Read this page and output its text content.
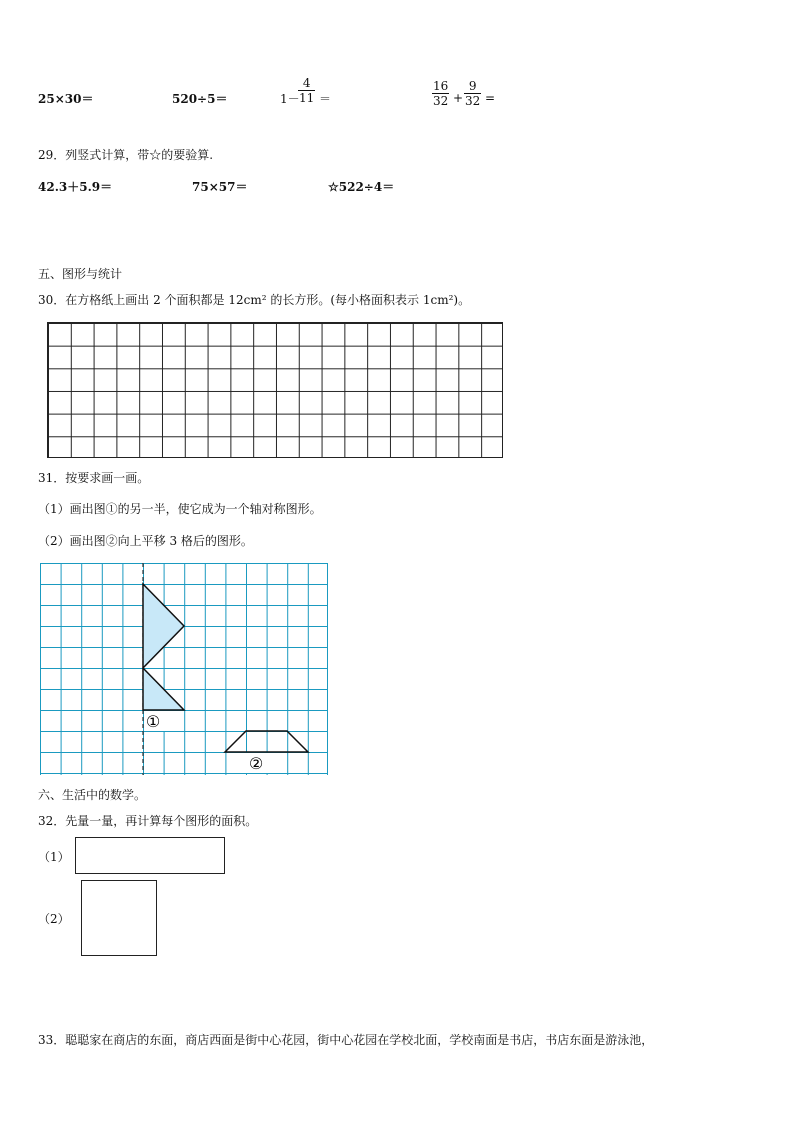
25×30＝	520÷5＝	1－
$\frac{4}{11}$ ＝	$\frac{16}{32} + \frac{9}{32}$ =
29．列竖式计算，带☆的要验算.
42.3＋5.9＝	75×57＝	☆522÷4＝
五、图形与统计
30．在方格纸上画出 2 个面积都是 12cm² 的长方形。(每小格面积表示 1cm²)。
31．按要求画一画。
（1）画出图①的另一半，使它成为一个轴对称图形。
（2）画出图②向上平移 3 格后的图形。
①
②
六、生活中的数学。
32．先量一量，再计算每个图形的面积。
（1）
（2）
33．聪聪家在商店的东面，商店西面是街中心花园，街中心花园在学校北面，学校南面是书店，书店东面是游泳池，
